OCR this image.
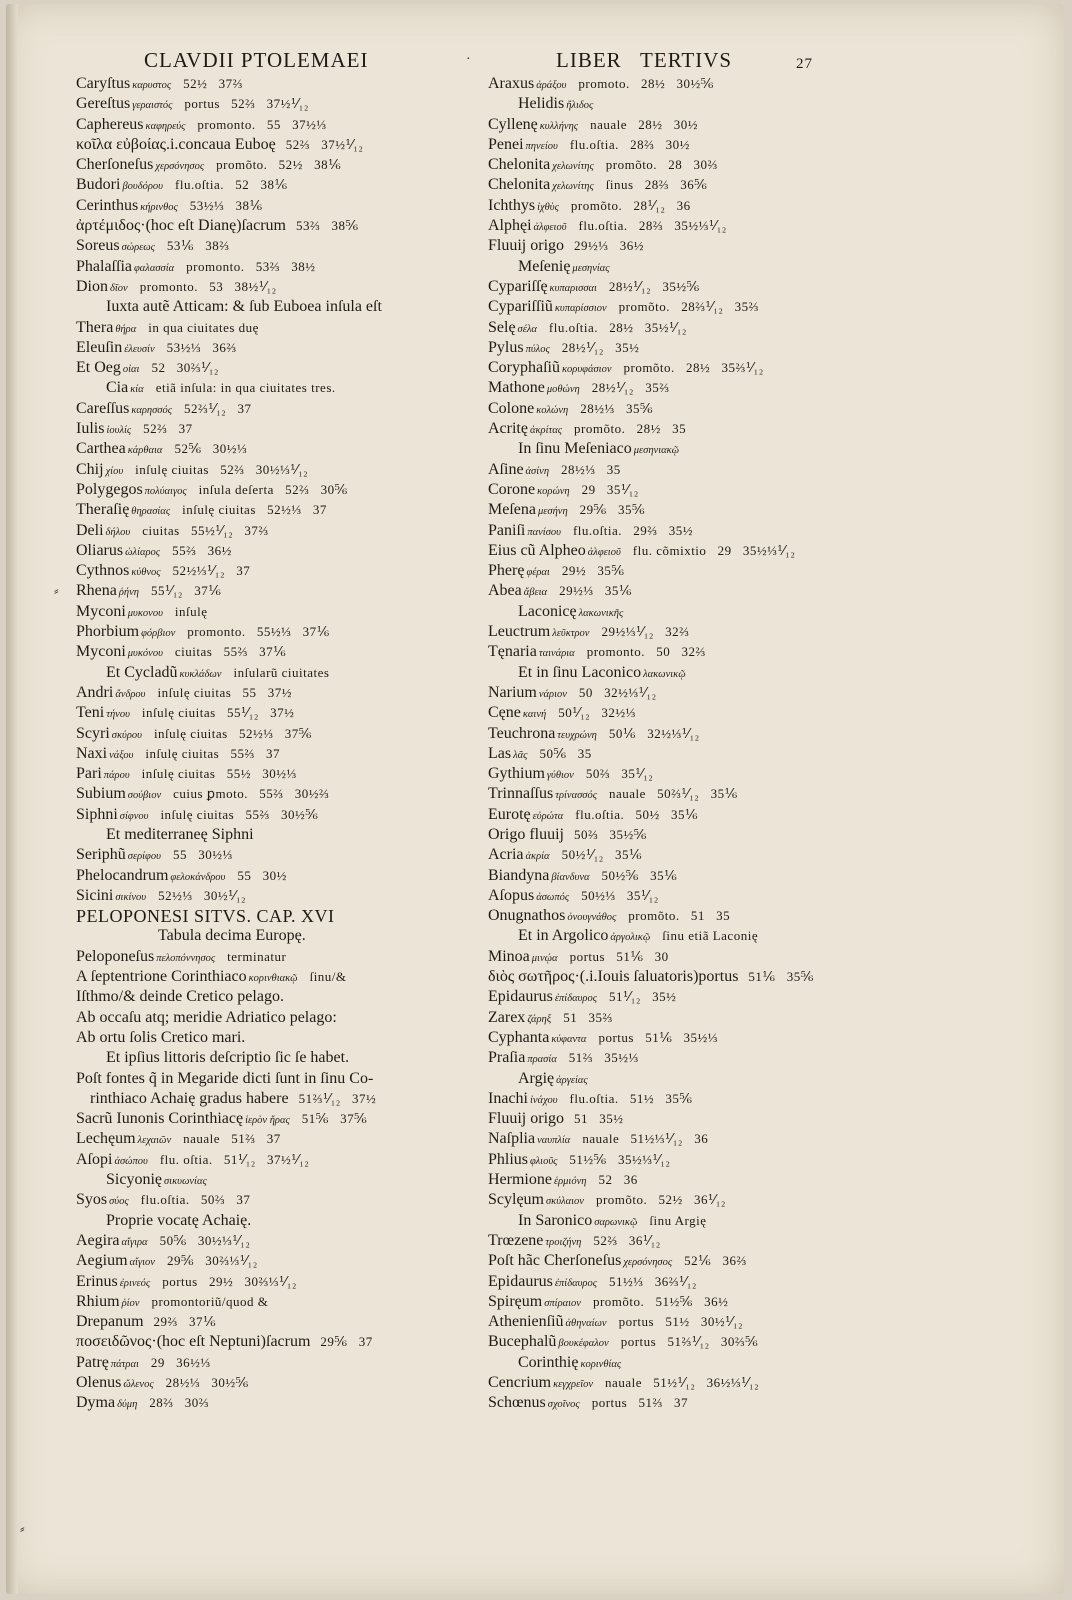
CLAVDII PTOLEMAEI	LIBER   TERTIVS	27
Caryſtus καρυστος 52½   37⅔
Gereſtus γεραιστός portus   52⅔   37½⅟₁₂
Caphereus καφηρεύς promonto.   55   37½⅓
κοῖλα εὐβοίας.i.concaua Euboę 52⅔   37½⅟₁₂
Cherſoneſus χερσόνησος promõto.   52½   38⅙
Budori βουδόρου flu.oſtia.   52   38⅙
Cerinthus κήρινθος 53½⅓   38⅙
ἀρτέμιδος·(hoc eſt Dianę)ſacrum 53⅔   38⅚
Soreus σώρεως 53⅙   38⅔
Phalaſſia φαλασσία promonto.   53⅔   38½
Dion δῖον promonto.   53   38½⅟₁₂
Iuxta autẽ Atticam: & ſub Euboea inſula eſt
Thera θήρα in qua ciuitates duę
Eleuſin ἐλευσίν 53½⅓   36⅔
Et Oeg οἰαι 52   30⅔⅟₁₂
Cia κία etiã inſula: in qua ciuitates tres.
Careſſus καρησσός 52⅔⅟₁₂   37
Iulis ἰουλίς 52⅔   37
Carthea κάρθαια 52⅚   30½⅓
Chij χίου inſulę ciuitas   52⅔   30½⅓⅟₁₂
Polygegos πολύαιγος inſula deſerta   52⅔   30⅚
Theraſię θηρασίας inſulę ciuitas   52½⅓   37
Deli δήλου ciuitas   55½⅟₁₂   37⅔
Oliarus ὠλίαρος 55⅔   36½
Cythnos κύθνος 52½⅓⅟₁₂   37
Rhena ῥήνη 55⅟₁₂   37⅙
Myconi μυκονου inſulę
Phorbium φόρβιον promonto.   55½⅓   37⅙
Myconi μυκόνου ciuitas   55⅔   37⅙
Et Cycladũ κυκλάδων inſularũ ciuitates
Andri ἄνδρου inſulę ciuitas   55   37½
Teni τήνου inſulę ciuitas   55⅟₁₂   37½
Scyri σκύρου inſulę ciuitas   52½⅓   37⅚
Naxi νάξου inſulę ciuitas   55⅔   37
Pari πάρου inſulę ciuitas   55½   30½⅓
Subium σούβιον cuius ꝑmoto.   55⅔   30½⅔
Siphni σίφνου inſulę ciuitas   55⅔   30½⅚
Et mediterraneę Siphni
Seriphũ σερίφου 55   30½⅓
Phelocandrum φελοκάνδρου 55   30½
Sicini σικίνου 52½⅓   30½⅟₁₂
PELOPONESI SITVS. CAP. XVI
Tabula decima Europę.
Peloponeſus πελοπόννησος terminatur
A ſeptentrione Corinthiaco κορινθιακῷ ſinu/&
Iſthmo/& deinde Cretico pelago.
Ab occaſu atq; meridie Adriatico pelago:
Ab ortu ſolis Cretico mari.
Et ipſius littoris deſcriptio ſic ſe habet.
Poſt fontes q̃ in Megaride dicti ſunt in ſinu Co-
rinthiaco Achaię gradus habere 51⅔⅟₁₂   37½
Sacrũ Iunonis Corinthiacę ἱερὸν ἥρας 51⅚   37⅚
Lechęum λεχαιῶν nauale   51⅔   37
Aſopi ἀσώπου flu. oſtia.   51⅟₁₂   37½⅟₁₂
Sicyonię σικυωνίας
Syos σύος flu.oſtia.   50⅔   37
Proprie vocatę Achaię.
Aegira αἴγιρα 50⅚   30½⅓⅟₁₂
Aegium αἴγιον 29⅚   30⅔⅓⅟₁₂
Erinus ἐρινεός portus   29½   30⅔⅓⅟₁₂
Rhium ῥίον promontoriũ/quod &
Drepanum 29⅔   37⅙
ποσειδῶνος·(hoc eſt Neptuni)ſacrum 29⅚   37
Patrę πάτραι 29   36½⅓
Olenus ὤλενος 28½⅓   30½⅚
Dyma δύμη 28⅔   30⅔
Araxus ἀράξου promoto.   28½   30½⅚
Helidis ἤλιδος
Cyllenę κυλλήνης nauale   28½   30½
Penei πηνείου flu.oſtia.   28⅔   30½
Chelonita χελωνίτης promõto.   28   30⅔
Chelonita χελωνίτης ſinus   28⅔   36⅚
Ichthys ἰχθὺς promõto.   28⅟₁₂   36
Alphęi ἀλφειοῦ flu.oſtia.   28⅔   35½⅓⅟₁₂
Fluuij origo 29½⅓   36½
Meſenię μεσηνίας
Cypariſſę κυπαρισσαι 28½⅟₁₂   35½⅚
Cypariſſiũ κυπαρίσσιον promõto.   28⅔⅟₁₂   35⅔
Selę σέλα flu.oſtia.   28½   35½⅟₁₂
Pylus πύλος 28½⅟₁₂   35½
Coryphaſiũ κορυφάσιον promõto.   28½   35⅔⅟₁₂
Mathone μοθώνη 28½⅟₁₂   35⅔
Colone κολώνη 28½⅓   35⅚
Acritę ἀκρίτας promõto.   28½   35
In ſinu Meſeniaco μεσηνιακῷ
Aſine ἀσίνη 28½⅓   35
Corone κορώνη 29   35⅟₁₂
Meſena μεσήνη 29⅚   35⅚
Paniſi πανίσου flu.oſtia.   29⅔   35½
Eius cũ Alpheo ἀλφειοῦ flu. cõmixtio   29   35½⅓⅟₁₂
Pherę φέραι 29½   35⅚
Abea ἄβεια 29½⅓   35⅙
Laconicę λακωνικῆς
Leuctrum λεῦκτρον 29½⅓⅟₁₂   32⅔
Tęnaria ταινάρια promonto.   50   32⅔
Et in ſinu Laconico λακωνικῷ
Narium νάριον 50   32½⅓⅟₁₂
Cęne καινή 50⅟₁₂   32½⅓
Teuchrona τευχρώνη 50⅙   32½⅓⅟₁₂
Las λᾶς 50⅚   35
Gythium γύθιον 50⅔   35⅟₁₂
Trinnaſſus τρίνασσός nauale   50⅔⅟₁₂   35⅙
Eurotę εὐρώτα flu.oſtia.   50½   35⅙
Origo fluuij 50⅔   35½⅚
Acria ἀκρία 50½⅟₁₂   35⅙
Biandyna βίανδυνα 50½⅚   35⅙
Aſopus ἀσωπός 50½⅓   35⅟₁₂
Onugnathos ὀνουγνάθος promõto.   51   35
Et in Argolico ἀργολικῷ ſinu etiã Laconię
Minoa μινῴα portus   51⅙   30
διὸς σωτῆρος·(.i.Iouis ſaluatoris)portus 51⅙   35⅚
Epidaurus ἐπίδαυρος 51⅟₁₂   35½
Zarex ζάρηξ 51   35⅔
Cyphanta κύφαντα portus   51⅙   35½⅓
Praſia πρασία 51⅔   35½⅓
Argię ἀργείας
Inachi ἰνάχου flu.oſtia.   51½   35⅚
Fluuij origo 51   35½
Naſplia ναυπλία nauale   51½⅓⅟₁₂   36
Phlius φλιοῦς 51½⅚   35½⅓⅟₁₂
Hermione ἑρμιόνη 52   36
Scylęum σκύλαιον promõto.   52½   36⅟₁₂
In Saronico σαρωνικῷ ſinu Argię
Trœzene τροιζήνη 52⅔   36⅟₁₂
Poſt hãc Cherſoneſus χερσόνησος 52⅙   36⅔
Epidaurus ἐπίδαυρος 51½⅓   36⅔⅟₁₂
Spiręum σπίραιον promõto.   51½⅚   36½
Athenienſiũ ἀθηναίων portus   51½   30½⅟₁₂
Bucephalũ βουκέφαλον portus   51⅔⅟₁₂   30⅔⅚
Corinthię κορινθίας
Cencrium κεγχρεῖον nauale   51½⅟₁₂   36½⅓⅟₁₂
Schœnus σχοῖνος portus   51⅔   37
·
⸗
⸗
